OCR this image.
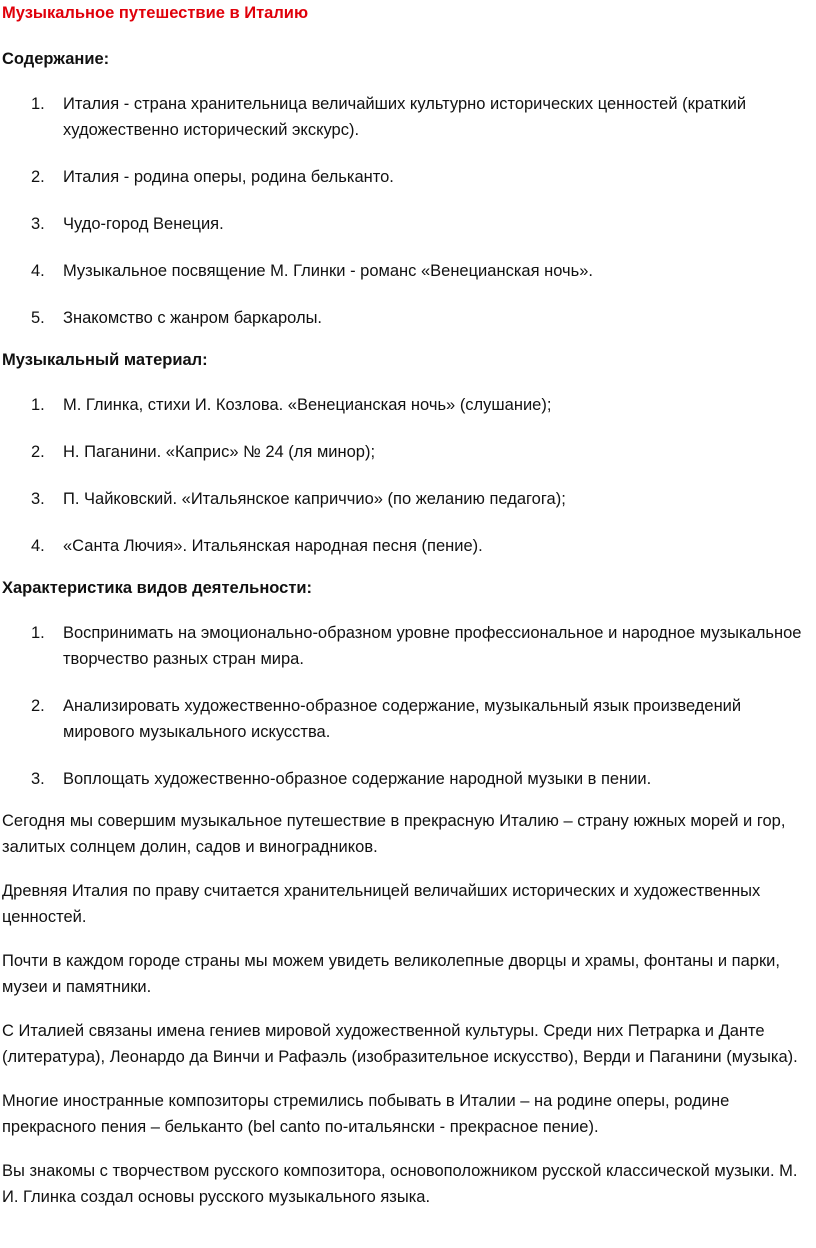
Музыкальное путешествие в Италию
Содержание:
1. Италия - страна хранительница величайших культурно исторических ценностей (краткий художественно исторический экскурс).
2. Италия - родина оперы, родина бельканто.
3. Чудо-город Венеция.
4. Музыкальное посвящение М. Глинки - романс «Венецианская ночь».
5. Знакомство с жанром баркаролы.
Музыкальный материал:
1. М. Глинка, стихи И. Козлова. «Венецианская ночь» (слушание);
2. Н. Паганини. «Каприс» № 24 (ля минор);
3. П. Чайковский. «Итальянское каприччио» (по желанию педагога);
4. «Санта Лючия». Итальянская народная песня (пение).
Характеристика видов деятельности:
1. Воспринимать на эмоционально-образном уровне профессиональное и народное музыкальное творчество разных стран мира.
2. Анализировать художественно-образное содержание, музыкальный язык произведений мирового музыкального искусства.
3. Воплощать художественно-образное содержание народной музыки в пении.

Сегодня мы совершим музыкальное путешествие в прекрасную Италию – страну южных морей и гор, залитых солнцем долин, садов и виноградников.

Древняя Италия по праву считается хранительницей величайших исторических и художественных ценностей.

Почти в каждом городе страны мы можем увидеть великолепные дворцы и храмы, фонтаны и парки, музеи и памятники.

С Италией связаны имена гениев мировой художественной культуры. Среди них Петрарка и Данте (литература), Леонардо да Винчи и Рафаэль (изобразительное искусство), Верди и Паганини (музыка).

Многие иностранные композиторы стремились побывать в Италии – на родине оперы, родине прекрасного пения – бельканто (bel canto по-итальянски - прекрасное пение).

Вы знакомы с творчеством русского композитора, основоположником русской классической музыки. М. И. Глинка создал основы русского музыкального языка.
